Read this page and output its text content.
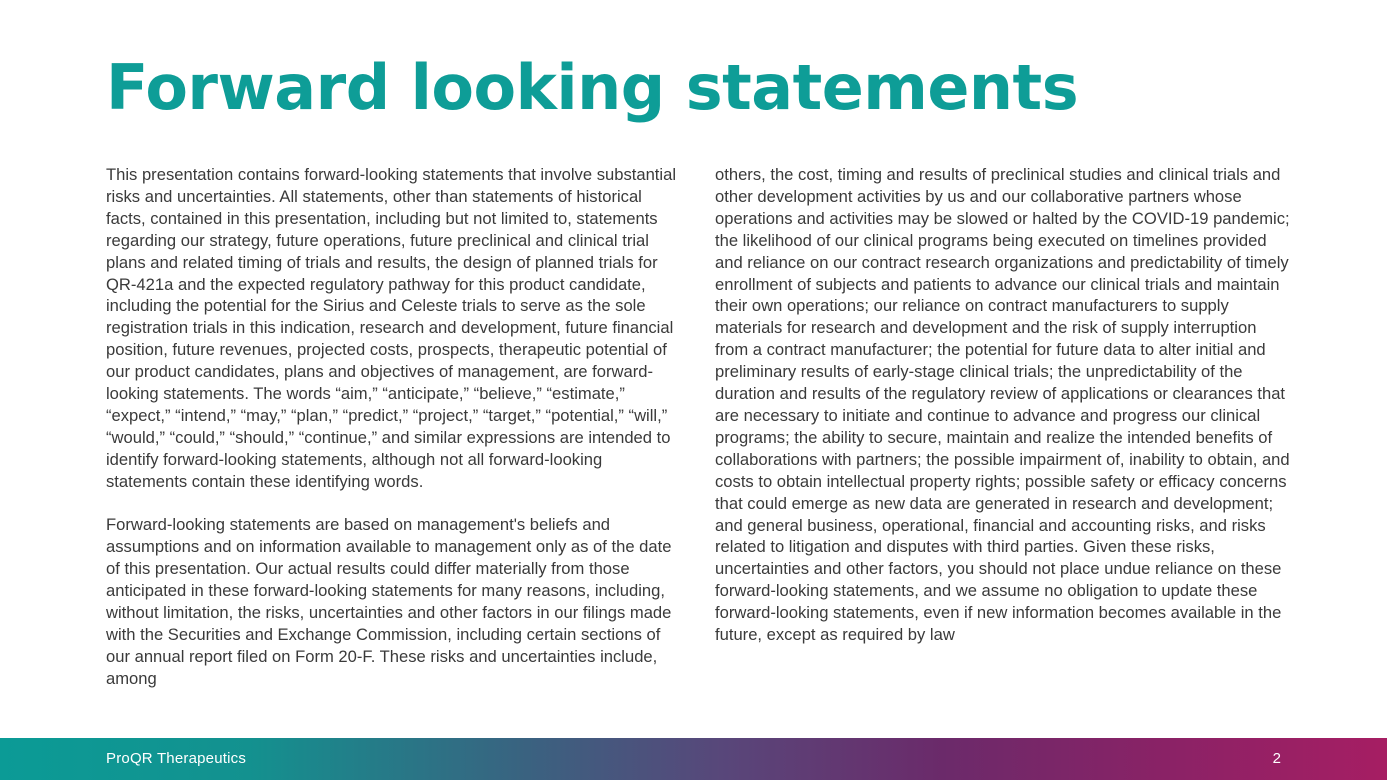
Forward looking statements

This presentation contains forward-looking statements that involve substantial risks and uncertainties. All statements, other than statements of historical facts, contained in this presentation, including but not limited to, statements regarding our strategy, future operations, future preclinical and clinical trial plans and related timing of trials and results, the design of planned trials for QR-421a and the expected regulatory pathway for this product candidate, including the potential for the Sirius and Celeste trials to serve as the sole registration trials in this indication, research and development, future financial position, future revenues, projected costs, prospects, therapeutic potential of our product candidates, plans and objectives of management, are forward-looking statements. The words “aim,” “anticipate,” “believe,” “estimate,” “expect,” “intend,” “may,” “plan,” “predict,” “project,” “target,” “potential,” “will,” “would,” “could,” “should,” “continue,” and similar expressions are intended to identify forward-looking statements, although not all forward-looking statements contain these identifying words.

Forward-looking statements are based on management's beliefs and assumptions and on information available to management only as of the date of this presentation. Our actual results could differ materially from those anticipated in these forward-looking statements for many reasons, including, without limitation, the risks, uncertainties and other factors in our filings made with the Securities and Exchange Commission, including certain sections of our annual report filed on Form 20-F. These risks and uncertainties include, among

others, the cost, timing and results of preclinical studies and clinical trials and other development activities by us and our collaborative partners whose operations and activities may be slowed or halted by the COVID-19 pandemic; the likelihood of our clinical programs being executed on timelines provided and reliance on our contract research organizations and predictability of timely enrollment of subjects and patients to advance our clinical trials and maintain their own operations; our reliance on contract manufacturers to supply materials for research and development and the risk of supply interruption from a contract manufacturer; the potential for future data to alter initial and preliminary results of early-stage clinical trials; the unpredictability of the duration and results of the regulatory review of applications or clearances that are necessary to initiate and continue to advance and progress our clinical programs; the ability to secure, maintain and realize the intended benefits of collaborations with partners; the possible impairment of, inability to obtain, and costs to obtain intellectual property rights; possible safety or efficacy concerns that could emerge as new data are generated in research and development; and general business, operational, financial and accounting risks, and risks related to litigation and disputes with third parties. Given these risks, uncertainties and other factors, you should not place undue reliance on these forward-looking statements, and we assume no obligation to update these forward-looking statements, even if new information becomes available in the future, except as required by law

ProQR Therapeutics	2
